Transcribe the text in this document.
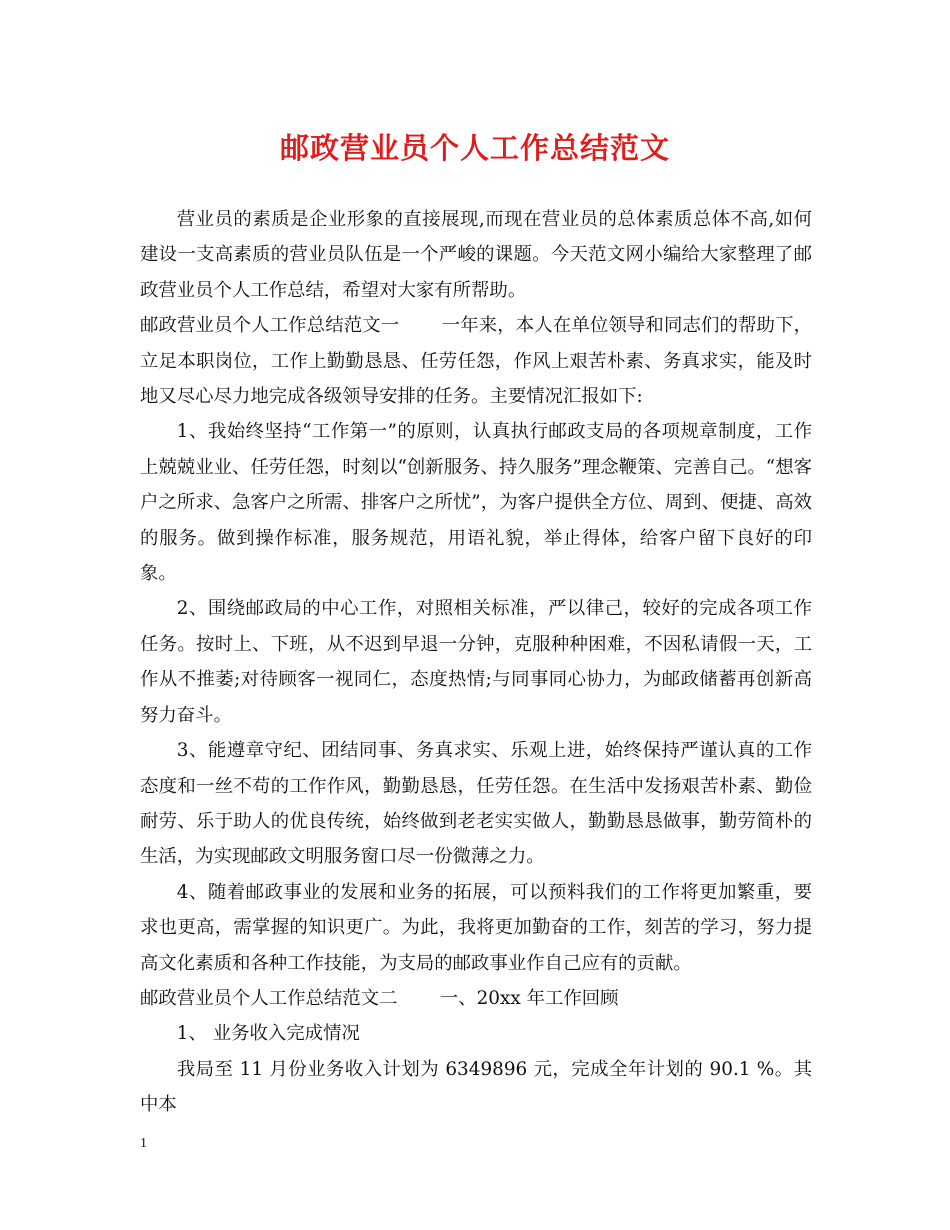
邮政营业员个人工作总结范文

营业员的素质是企业形象的直接展现,而现在营业员的总体素质总体不高,如何建设一支高素质的营业员队伍是一个严峻的课题。今天范文网小编给大家整理了邮政营业员个人工作总结，希望对大家有所帮助。

邮政营业员个人工作总结范文一 一年来，本人在单位领导和同志们的帮助下，立足本职岗位，工作上勤勤恳恳、任劳任怨，作风上艰苦朴素、务真求实，能及时地又尽心尽力地完成各级领导安排的任务。主要情况汇报如下:

1、我始终坚持“工作第一”的原则，认真执行邮政支局的各项规章制度，工作上兢兢业业、任劳任怨，时刻以“创新服务、持久服务”理念鞭策、完善自己。“想客户之所求、急客户之所需、排客户之所忧”，为客户提供全方位、周到、便捷、高效的服务。做到操作标准，服务规范，用语礼貌，举止得体，给客户留下良好的印象。

2、围绕邮政局的中心工作，对照相关标准，严以律己，较好的完成各项工作任务。按时上、下班，从不迟到早退一分钟，克服种种困难，不因私请假一天，工作从不推萎;对待顾客一视同仁，态度热情;与同事同心协力，为邮政储蓄再创新高努力奋斗。

3、能遵章守纪、团结同事、务真求实、乐观上进，始终保持严谨认真的工作态度和一丝不苟的工作作风，勤勤恳恳，任劳任怨。在生活中发扬艰苦朴素、勤俭耐劳、乐于助人的优良传统，始终做到老老实实做人，勤勤恳恳做事，勤劳简朴的生活，为实现邮政文明服务窗口尽一份微薄之力。

4、随着邮政事业的发展和业务的拓展，可以预料我们的工作将更加繁重，要求也更高，需掌握的知识更广。为此，我将更加勤奋的工作，刻苦的学习，努力提高文化素质和各种工作技能，为支局的邮政事业作自己应有的贡献。

邮政营业员个人工作总结范文二 一、20xx 年工作回顾

1、 业务收入完成情况

我局至 11 月份业务收入计划为 6349896 元，完成全年计划的 90.1 %。其中本

1
